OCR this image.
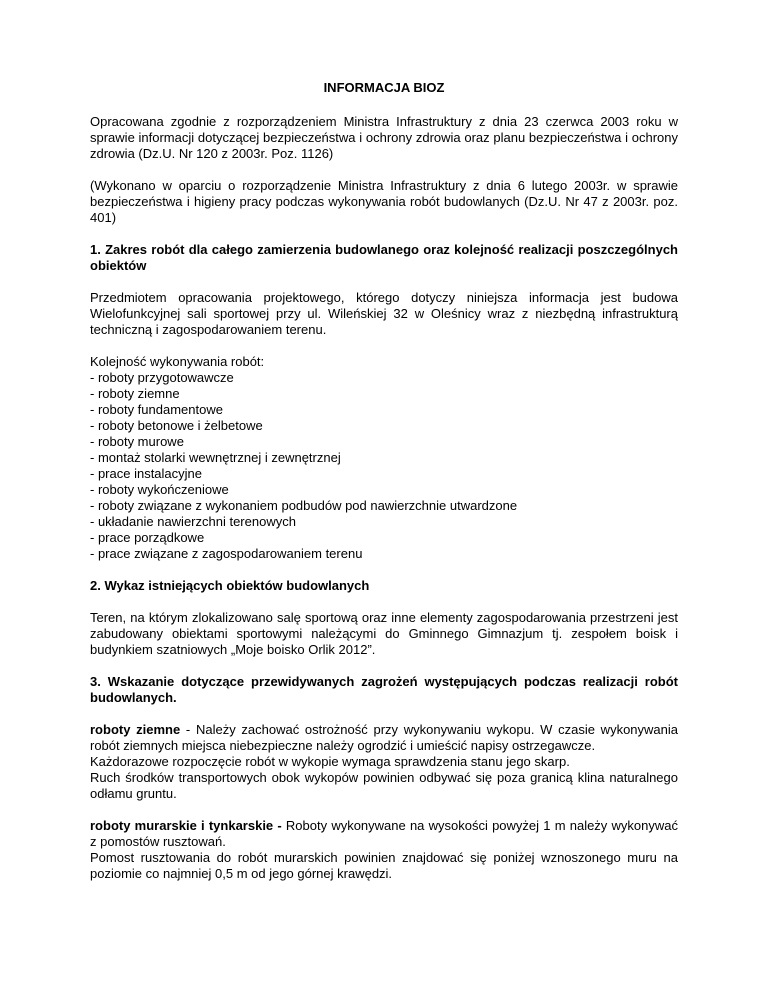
INFORMACJA BIOZ

Opracowana zgodnie z rozporządzeniem Ministra Infrastruktury z dnia 23 czerwca 2003 roku w sprawie informacji dotyczącej bezpieczeństwa i ochrony zdrowia oraz planu bezpieczeństwa i ochrony zdrowia (Dz.U. Nr 120 z 2003r. Poz. 1126)

(Wykonano w oparciu o rozporządzenie Ministra Infrastruktury z dnia 6 lutego 2003r. w sprawie bezpieczeństwa i higieny pracy podczas wykonywania robót budowlanych (Dz.U. Nr 47 z 2003r. poz. 401)

1. Zakres robót dla całego zamierzenia budowlanego oraz kolejność realizacji poszczególnych obiektów

Przedmiotem opracowania projektowego, którego dotyczy niniejsza informacja jest budowa Wielofunkcyjnej sali sportowej przy ul. Wileńskiej 32 w Oleśnicy wraz z niezbędną infrastrukturą techniczną i zagospodarowaniem terenu.

Kolejność wykonywania robót:
- roboty przygotowawcze
- roboty ziemne
- roboty fundamentowe
- roboty betonowe i żelbetowe
- roboty murowe
- montaż stolarki wewnętrznej i zewnętrznej
- prace instalacyjne
- roboty wykończeniowe
- roboty związane z wykonaniem podbudów pod nawierzchnie utwardzone
- układanie nawierzchni terenowych
- prace porządkowe
- prace związane z zagospodarowaniem terenu
2. Wykaz istniejących obiektów budowlanych

Teren, na którym zlokalizowano salę sportową oraz inne elementy zagospodarowania przestrzeni jest zabudowany obiektami sportowymi należącymi do Gminnego Gimnazjum tj. zespołem boisk i budynkiem szatniowych „Moje boisko Orlik 2012”.

3. Wskazanie dotyczące przewidywanych zagrożeń występujących podczas realizacji robót budowlanych.
roboty ziemne - Należy zachować ostrożność przy wykonywaniu wykopu. W czasie wykonywania robót ziemnych miejsca niebezpieczne należy ogrodzić i umieścić napisy ostrzegawcze.
Każdorazowe rozpoczęcie robót w wykopie wymaga sprawdzenia stanu jego skarp.
Ruch środków transportowych obok wykopów powinien odbywać się poza granicą klina naturalnego odłamu gruntu.
roboty murarskie i tynkarskie - Roboty wykonywane na wysokości powyżej 1 m należy wykonywać z pomostów rusztowań.
Pomost rusztowania do robót murarskich powinien znajdować się poniżej wznoszonego muru na poziomie co najmniej 0,5 m od jego górnej krawędzi.
